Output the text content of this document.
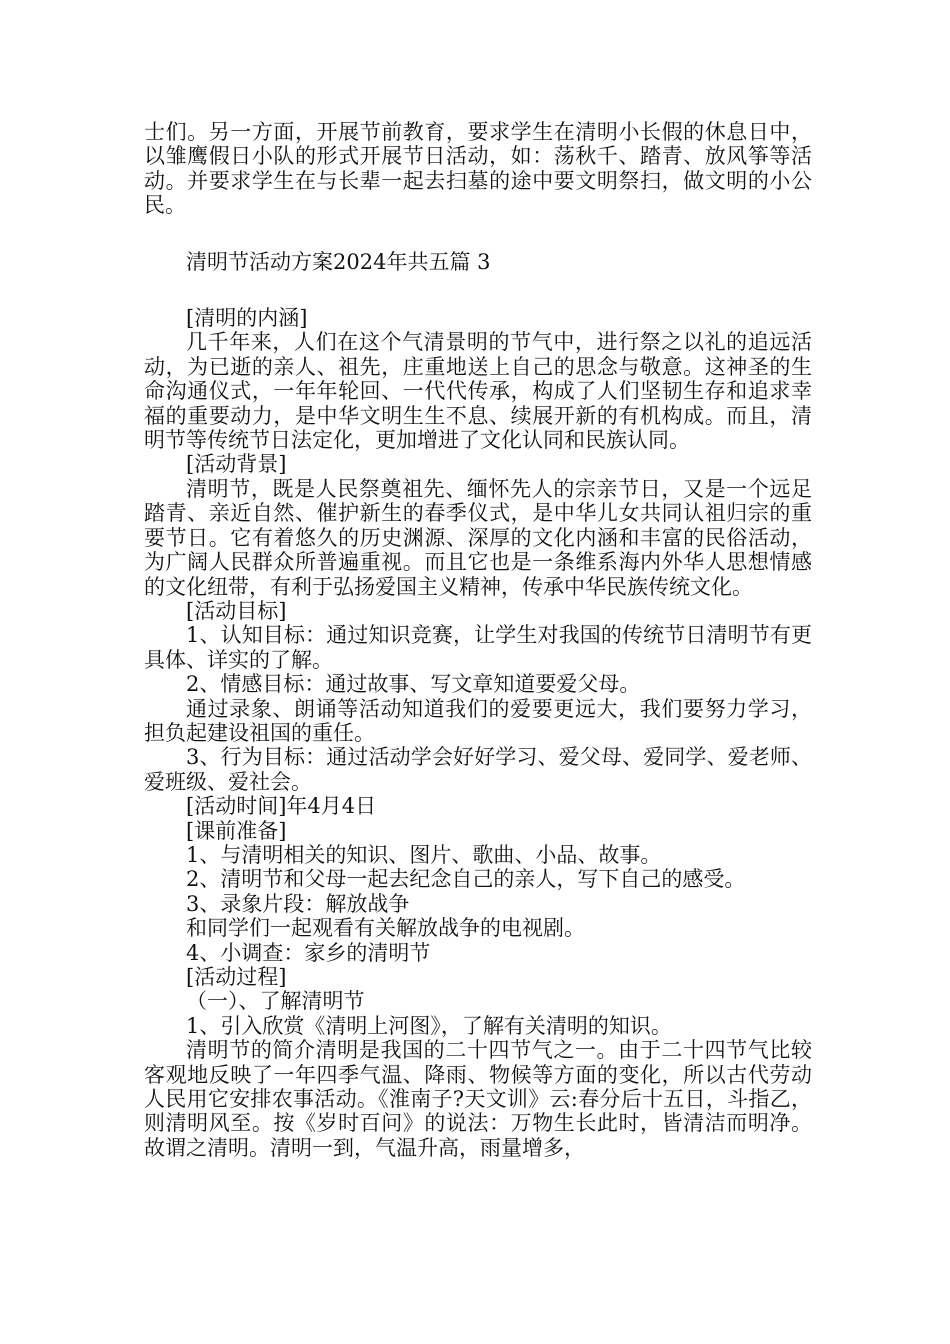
士们。另一方面，开展节前教育，要求学生在清明小长假的休息日中，以雏鹰假日小队的形式开展节日活动，如：荡秋千、踏青、放风筝等活动。并要求学生在与长辈一起去扫墓的途中要文明祭扫，做文明的小公民。

清明节活动方案2024年共五篇 3

[清明的内涵]

几千年来，人们在这个气清景明的节气中，进行祭之以礼的追远活动，为已逝的亲人、祖先，庄重地送上自己的思念与敬意。这神圣的生命沟通仪式，一年年轮回、一代代传承，构成了人们坚韧生存和追求幸福的重要动力，是中华文明生生不息、续展开新的有机构成。而且，清明节等传统节日法定化，更加增进了文化认同和民族认同。

[活动背景]

清明节，既是人民祭奠祖先、缅怀先人的宗亲节日，又是一个远足踏青、亲近自然、催护新生的春季仪式，是中华儿女共同认祖归宗的重要节日。它有着悠久的历史渊源、深厚的文化内涵和丰富的民俗活动，为广阔人民群众所普遍重视。而且它也是一条维系海内外华人思想情感的文化纽带，有利于弘扬爱国主义精神，传承中华民族传统文化。

[活动目标]

1、认知目标：通过知识竞赛，让学生对我国的传统节日清明节有更具体、详实的了解。

2、情感目标：通过故事、写文章知道要爱父母。

通过录象、朗诵等活动知道我们的爱要更远大，我们要努力学习，担负起建设祖国的重任。

3、行为目标：通过活动学会好好学习、爱父母、爱同学、爱老师、爱班级、爱社会。

[活动时间]年4月4日

[课前准备]

1、与清明相关的知识、图片、歌曲、小品、故事。

2、清明节和父母一起去纪念自己的亲人，写下自己的感受。

3、录象片段：解放战争

和同学们一起观看有关解放战争的电视剧。

4、小调查：家乡的清明节

[活动过程]

（一）、了解清明节

1、引入欣赏《清明上河图》，了解有关清明的知识。

清明节的简介清明是我国的二十四节气之一。由于二十四节气比较客观地反映了一年四季气温、降雨、物候等方面的变化，所以古代劳动人民用它安排农事活动。《淮南子?天文训》云:春分后十五日，斗指乙，则清明风至。按《岁时百问》的说法：万物生长此时，皆清洁而明净。故谓之清明。清明一到，气温升高，雨量增多，
